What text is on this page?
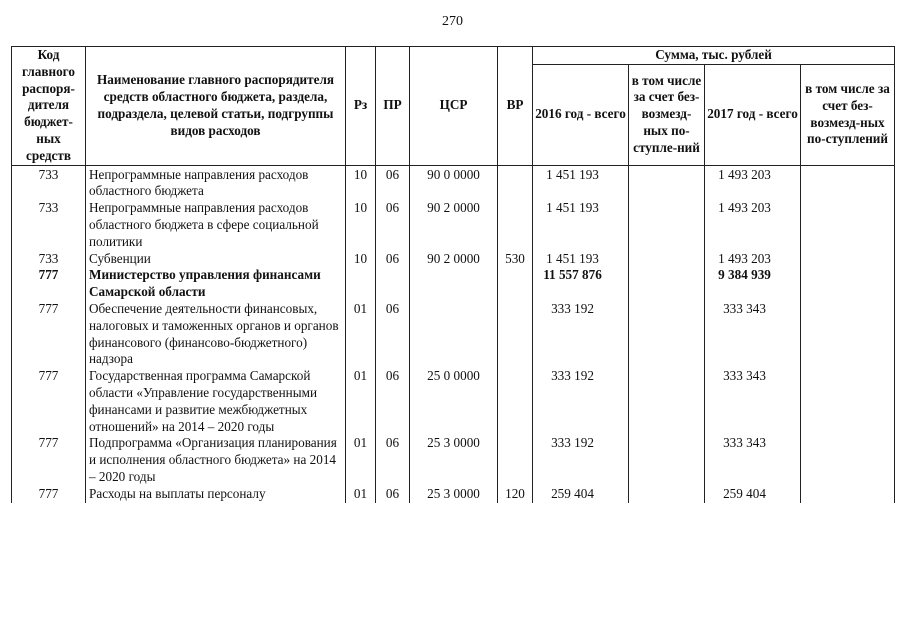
270
Код главного распоря-дителя бюджет-ных средств	Наименование главного распорядителя средств областного бюджета, раздела, подраздела, целевой статьи, подгруппы видов расходов	Рз	ПР	ЦСР	ВР	Сумма, тыс. рублей			
						2016 год - всего	в том числе за счет без-возмезд-ных по-ступле-ний	2017 год - всего	в том числе за счет без-возмезд-ных по-ступлений
733	Непрограммные направления расходов областного бюджета	10	06	90 0 0000		1 451 193		1 493 203	
733	Непрограммные направления расходов областного бюджета в сфере социальной политики	10	06	90 2 0000		1 451 193		1 493 203	
733	Субвенции	10	06	90 2 0000	530	1 451 193		1 493 203	
777	Министерство управления финансами Самарской области					11 557 876		9 384 939	
777	Обеспечение деятельности финансовых, налоговых и таможенных органов и органов финансового (финансово-бюджетного) надзора	01	06			333 192		333 343	
777	Государственная программа Самарской области «Управление государственными финансами и развитие межбюджетных отношений» на 2014 – 2020 годы	01	06	25 0 0000		333 192		333 343	
777	Подпрограмма «Организация планирования и исполнения областного бюджета» на 2014 – 2020 годы	01	06	25 3 0000		333 192		333 343	
777	Расходы на выплаты персоналу	01	06	25 3 0000	120	259 404		259 404	
